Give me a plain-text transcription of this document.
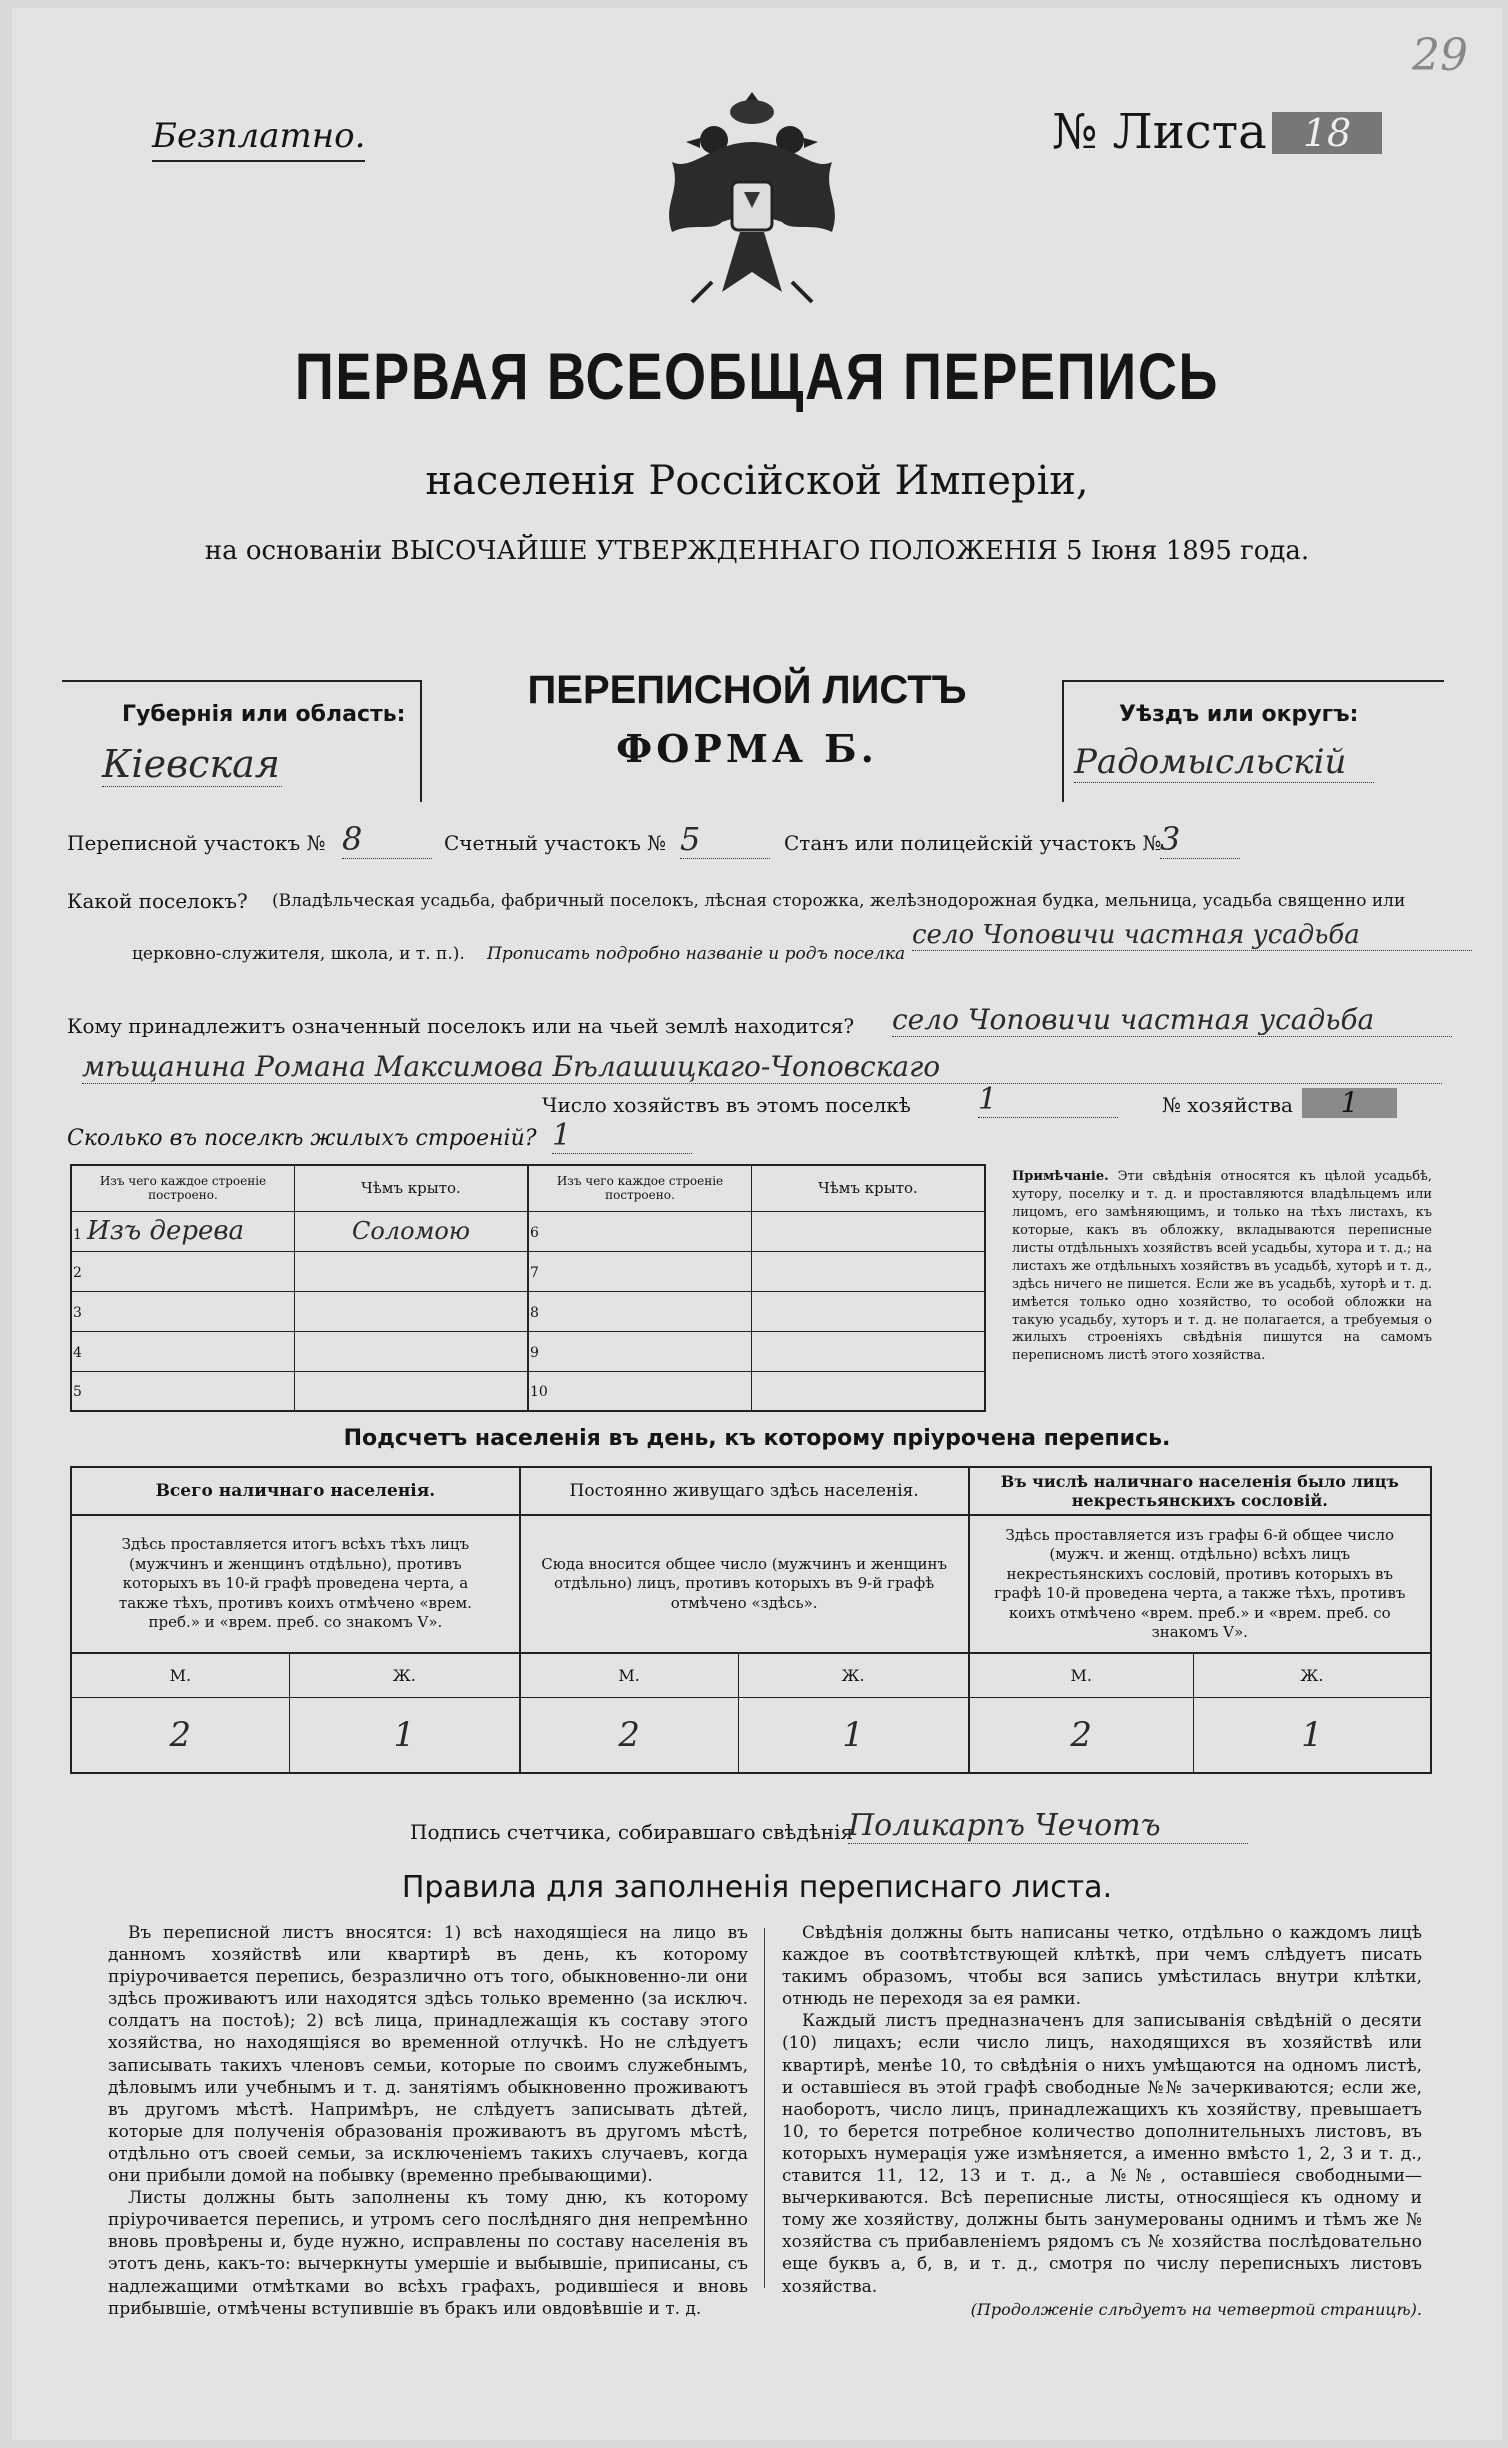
29
Безплатно.	№ Листа 18
ПЕРВАЯ ВСЕОБЩАЯ ПЕРЕПИСЬ
населенія Россійской Имперіи,
на основаніи ВЫСОЧАЙШЕ УТВЕРЖДЕННАГО ПОЛОЖЕНІЯ 5 Іюня 1895 года.
Губернія или область:
Кіевская
ПЕРЕПИСНОЙ ЛИСТЪ
ФОРМА Б.
Уѣздъ или округъ:
Радомысльскій
Переписной участокъ № 8	Счетный участокъ № 5	Станъ или полицейскій участокъ №
3
Какой поселокъ? (Владѣльческая усадьба, фабричный поселокъ, лѣсная сторожка, желѣзнодорожная будка, мельница, усадьба священно или
церковно-служителя, школа, и т. п.). Прописать подробно названіе и родъ поселка
село Чоповичи частная усадьба
Кому принадлежитъ означенный поселокъ или на чьей землѣ находится? село Чоповичи частная усадьба
мѣщанина Романа Максимова Бѣлашицкаго-Чоповскаго
Число хозяйствъ въ этомъ поселкѣ 1	№ хозяйства	1
Сколько въ поселкѣ жилыхъ строеній? 1
Изъ чего каждое строеніе построено.	Чѣмъ крыто.	Изъ чего каждое строеніе построено.	Чѣмъ крыто.
1 Изъ дерева	Соломою	6	
2		7	
3		8	
4		9	
5		10	
Примѣчаніе. Эти свѣдѣнія относятся къ цѣлой усадьбѣ, хутору, поселку и т. д. и проставляются владѣльцемъ или лицомъ, его замѣняющимъ, и только на тѣхъ листахъ, къ которые, какъ въ обложку, вкладываются переписные листы отдѣльныхъ хозяйствъ всей усадьбы, хутора и т. д.; на листахъ же отдѣльныхъ хозяйствъ въ усадьбѣ, хуторѣ и т. д., здѣсь ничего не пишется. Если же въ усадьбѣ, хуторѣ и т. д. имѣется только одно хозяйство, то особой обложки на такую усадьбу, хуторъ и т. д. не полагается, а требуемыя о жилыхъ строеніяхъ свѣдѣнія пишутся на самомъ переписномъ листѣ этого хозяйства.
Подсчетъ населенія въ день, къ которому пріурочена перепись.
Всего наличнаго населенія.		Постоянно живущаго здѣсь населенія.		Въ числѣ наличнаго населенія было лицъ некрестьянскихъ сословій.	
Здѣсь проставляется итогъ всѣхъ тѣхъ лицъ (мужчинъ и женщинъ отдѣльно), противъ которыхъ въ 10-й графѣ проведена черта, а также тѣхъ, противъ коихъ отмѣчено «врем. преб.» и «врем. преб. со знакомъ V».		Сюда вносится общее число (мужчинъ и женщинъ отдѣльно) лицъ, противъ которыхъ въ 9-й графѣ отмѣчено «здѣсь».		Здѣсь проставляется изъ графы 6-й общее число (мужч. и женщ. отдѣльно) всѣхъ лицъ некрестьянскихъ сословій, противъ которыхъ въ графѣ 10-й проведена черта, а также тѣхъ, противъ коихъ отмѣчено «врем. преб.» и «врем. преб. со знакомъ V».	
М.	Ж.	М.	Ж.	М.	Ж.
2	1	2	1	2	1
Подпись счетчика, собиравшаго свѣдѣнія
Поликарпъ Чечотъ
Правила для заполненія переписнаго листа.
Въ переписной листъ вносятся: 1) всѣ находящіеся на лицо въ данномъ хозяйствѣ или квартирѣ въ день, къ которому пріурочивается перепись, безразлично отъ того, обыкновенно-ли они здѣсь проживаютъ или находятся здѣсь только временно (за исключ. солдатъ на постоѣ); 2) всѣ лица, принадлежащія къ составу этого хозяйства, но находящіяся во временной отлучкѣ. Но не слѣдуетъ записывать такихъ членовъ семьи, которые по своимъ служебнымъ, дѣловымъ или учебнымъ и т. д. занятіямъ обыкновенно проживаютъ въ другомъ мѣстѣ. Напримѣръ, не слѣдуетъ записывать дѣтей, которые для полученія образованія проживаютъ въ другомъ мѣстѣ, отдѣльно отъ своей семьи, за исключеніемъ такихъ случаевъ, когда они прибыли домой на побывку (временно пребывающими).
Листы должны быть заполнены къ тому дню, къ которому пріурочивается перепись, и утромъ сего послѣдняго дня непремѣнно вновь провѣрены и, буде нужно, исправлены по составу населенія въ этотъ день, какъ-то: вычеркнуты умершіе и выбывшіе, приписаны, съ надлежащими отмѣтками во всѣхъ графахъ, родившіеся и вновь прибывшіе, отмѣчены вступившіе въ бракъ или овдовѣвшіе и т. д.
Свѣдѣнія должны быть написаны четко, отдѣльно о каждомъ лицѣ каждое въ соотвѣтствующей клѣткѣ, при чемъ слѣдуетъ писать такимъ образомъ, чтобы вся запись умѣстилась внутри клѣтки, отнюдь не переходя за ея рамки.
Каждый листъ предназначенъ для записыванія свѣдѣній о десяти (10) лицахъ; если число лицъ, находящихся въ хозяйствѣ или квартирѣ, менѣе 10, то свѣдѣнія о нихъ умѣщаются на одномъ листѣ, и оставшіеся въ этой графѣ свободные №№ зачеркиваются; если же, наоборотъ, число лицъ, принадлежащихъ къ хозяйству, превышаетъ 10, то берется потребное количество дополнительныхъ листовъ, въ которыхъ нумерація уже измѣняется, а именно вмѣсто 1, 2, 3 и т. д., ставится 11, 12, 13 и т. д., а №№, оставшіеся свободными—вычеркиваются. Всѣ переписные листы, относящіеся къ одному и тому же хозяйству, должны быть занумерованы однимъ и тѣмъ же № хозяйства съ прибавленіемъ рядомъ съ № хозяйства послѣдовательно еще буквъ а, б, в, и т. д., смотря по числу переписныхъ листовъ хозяйства.
(Продолженіе слѣдуетъ на четвертой страницѣ).
